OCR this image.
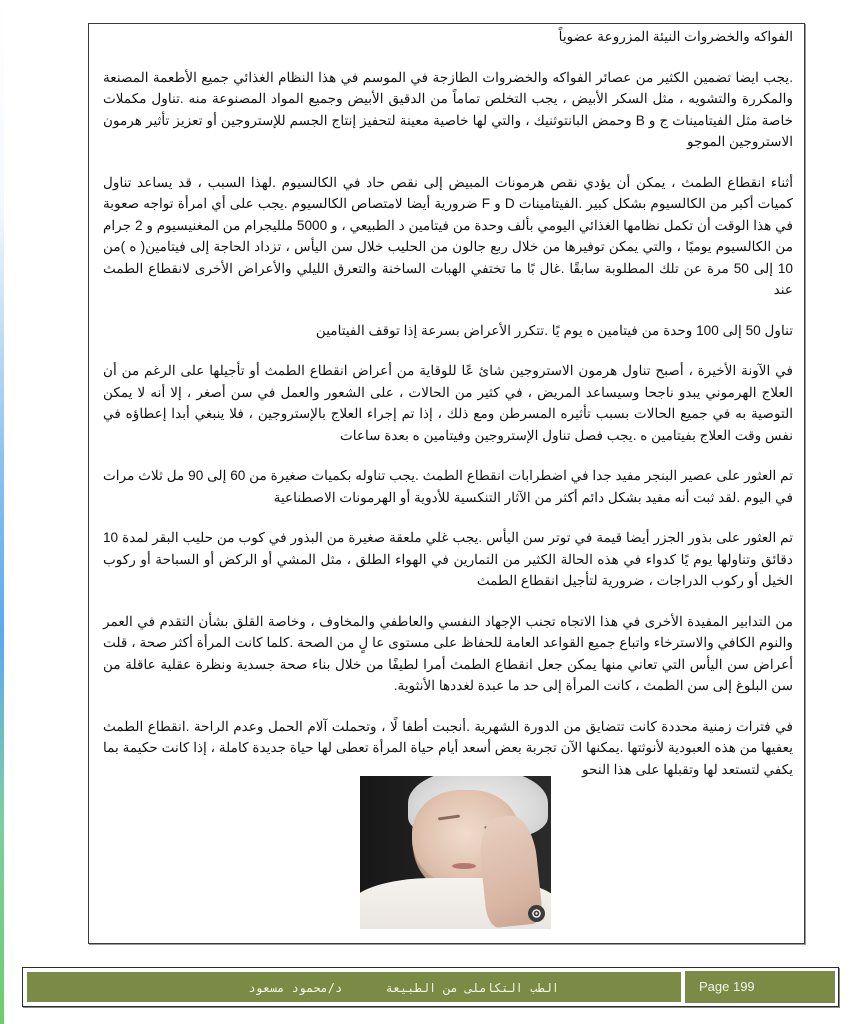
الفواكه والخضروات النيئة المزروعة عضوياً

.يجب ايضا تضمين الكثير من عصائر الفواكه والخضروات الطازجة في الموسم في هذا النظام الغذائي جميع الأطعمة المصنعة والمكررة والتشويه ، مثل السكر الأبيض ، يجب التخلص تماماً من الدقيق الأبيض وجميع المواد المصنوعة منه .تناول مكملات خاصة مثل الفيتامينات ج و B وحمض البانتوثنيك ، والتي لها خاصية معينة لتحفيز إنتاج الجسم للإستروجين أو تعزيز تأثير هرمون الاستروجين الموجو

أثناء انقطاع الطمث ، يمكن أن يؤدي نقص هرمونات المبيض إلى نقص حاد في الكالسيوم .لهذا السبب ، قد يساعد تناول كميات أكبر من الكالسيوم بشكل كبير .الفيتامينات D و F ضرورية أيضا لامتصاص الكالسيوم .يجب على أي امرأة تواجه صعوبة في هذا الوقت أن تكمل نظامها الغذائي اليومي بألف وحدة من فيتامين د الطبيعي ، و 5000 ملليجرام من المغنيسيوم و 2 جرام من الكالسيوم يوميًا ، والتي يمكن توفيرها من خلال ربع جالون من الحليب خلال سن اليأس ، تزداد الحاجة إلى فيتامين( ه )من 10 إلى 50 مرة عن تلك المطلوبة سابقًا .غال بًا ما تختفي الهبات الساخنة والتعرق الليلي والأعراض الأخرى لانقطاع الطمث عند

تناول 50 إلى 100 وحدة من فيتامين ه يوم يًا .تتكرر الأعراض بسرعة إذا توقف الفيتامين

في الآونة الأخيرة ، أصبح تناول هرمون الاستروجين شائ عًا للوقاية من أعراض انقطاع الطمث أو تأجيلها على الرغم من أن العلاج الهرموني يبدو ناجحا وسيساعد المريض ، في كثير من الحالات ، على الشعور والعمل في سن أصغر ، إلا أنه لا يمكن التوصية به في جميع الحالات بسبب تأثيره المسرطن ومع ذلك ، إذا تم إجراء العلاج بالإستروجين ، فلا ينبغي أبدا إعطاؤه في نفس وقت العلاج بفيتامين ه .يجب فصل تناول الإستروجين وفيتامين ه بعدة ساعات

تم العثور على عصير البنجر مفيد جدا في اضطرابات انقطاع الطمث .يجب تناوله بكميات صغيرة من 60 إلى 90 مل ثلاث مرات في اليوم .لقد ثبت أنه مفيد بشكل دائم أكثر من الآثار التنكسية للأدوية أو الهرمونات الاصطناعية

تم العثور على بذور الجزر أيضا قيمة في توتر سن اليأس .يجب غلي ملعقة صغيرة من البذور في كوب من حليب البقر لمدة 10 دقائق وتناولها يوم يًا كدواء في هذه الحالة الكثير من التمارين في الهواء الطلق ، مثل المشي أو الركض أو السباحة أو ركوب الخيل أو ركوب الدراجات ، ضرورية لتأجيل انقطاع الطمث

من التدابير المفيدة الأخرى في هذا الاتجاه تجنب الإجهاد النفسي والعاطفي والمخاوف ، وخاصة القلق بشأن التقدم في العمر والنوم الكافي والاسترخاء واتباع جميع القواعد العامة للحفاظ على مستوى عا لٍ من الصحة .كلما كانت المرأة أكثر صحة ، قلت أعراض سن اليأس التي تعاني منها يمكن جعل انقطاع الطمث أمرا لطيفًا من خلال بناء صحة جسدية ونظرة عقلية عاقلة من سن البلوغ إلى سن الطمث ، كانت المرأة إلى حد ما عبدة لغددها الأنثوية.

في فترات زمنية محددة كانت تتضايق من الدورة الشهرية .أنجبت أطفا لًا ، وتحملت آلام الحمل وعدم الراحة .انقطاع الطمث يعفيها من هذه العبودية لأنوثتها .يمكنها الآن تجربة بعض أسعد أيام حياة المرأة تعطى لها حياة جديدة كاملة ، إذا كانت حكيمة بما يكفي لتستعد لها وتقبلها على هذا النحو

الطب التكاملى من الطبيعة      د/محمود مسعود	Page 199
